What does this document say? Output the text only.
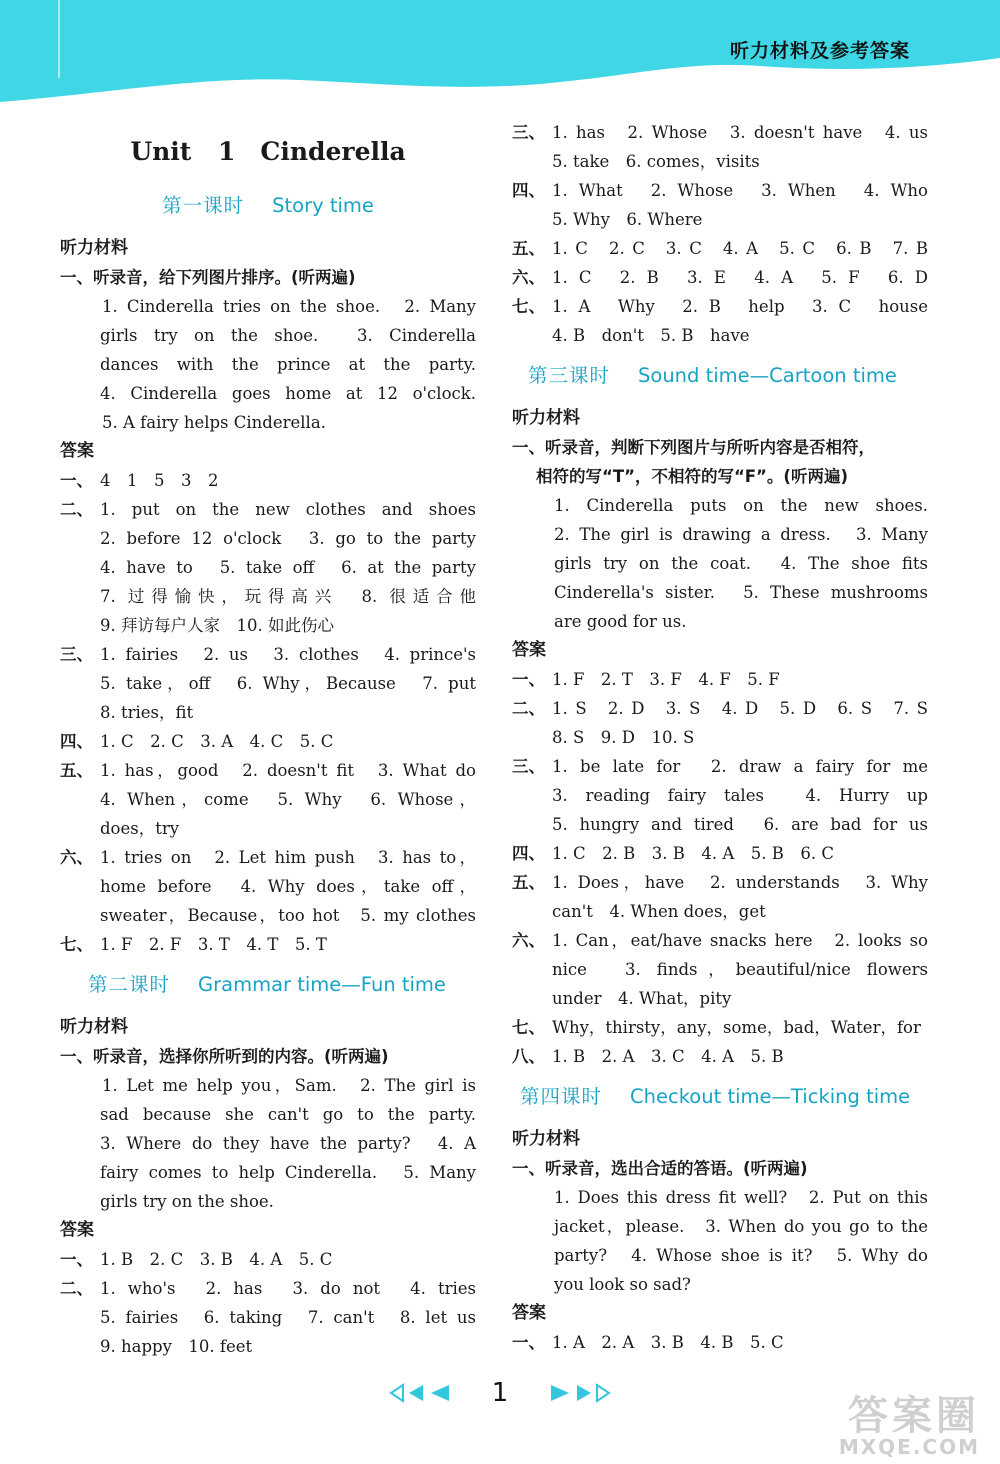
听力材料及参考答案
Unit 1　Cinderella
第一课时 Story time
听力材料
一、听录音，给下列图片排序。(听两遍)
1. Cinderella tries on the shoe.　2. Many
girls try on the shoe.　3. Cinderella
dances with the prince at the party.
4. Cinderella goes home at 12 o'clock.
5. A fairy helps Cinderella.
答案
一、 4　1　5　3　2
二、 1. put on the new clothes and shoes
2. before 12 o'clock　3. go to the party
4. have to　5. take off　6. at the party
7. 过得愉快，玩得高兴　8. 很适合他
9. 拜访每户人家　10. 如此伤心
三、 1. fairies　2. us　3. clothes　4. prince's
5. take，off　6. Why，Because　7. put
8. tries，fit
四、 1. C　2. C　3. A　4. C　5. C
五、 1. has，good　2. doesn't fit　3. What do
4. When，come　5. Why　6. Whose，
does，try
六、 1. tries on　2. Let him push　3. has to，
home before　4. Why does，take off，
sweater，Because，too hot　5. my clothes
七、 1. F　2. F　3. T　4. T　5. T
第二课时 Grammar time—Fun time
听力材料
一、听录音，选择你所听到的内容。(听两遍)
1. Let me help you，Sam.　2. The girl is
sad because she can't go to the party.
3. Where do they have the party?　4. A
fairy comes to help Cinderella.　5. Many
girls try on the shoe.
答案
一、 1. B　2. C　3. B　4. A　5. C
二、 1. who's　2. has　3. do not　4. tries
5. fairies　6. taking　7. can't　8. let us
9. happy　10. feet
三、 1. has　2. Whose　3. doesn't have　4. us
5. take　6. comes，visits
四、 1. What　2. Whose　3. When　4. Who
5. Why　6. Where
五、 1. C　2. C　3. C　4. A　5. C　6. B　7. B
六、 1. C　2. B　3. E　4. A　5. F　6. D
七、 1. A　Why　2. B　help　3. C　house
4. B　don't　5. B　have
第三课时 Sound time—Cartoon time
听力材料
一、听录音，判断下列图片与所听内容是否相符，
相符的写“T”，不相符的写“F”。(听两遍)
1. Cinderella puts on the new shoes.
2. The girl is drawing a dress.　3. Many
girls try on the coat.　4. The shoe fits
Cinderella's sister.　5. These mushrooms
are good for us.
答案
一、 1. F　2. T　3. F　4. F　5. F
二、 1. S　2. D　3. S　4. D　5. D　6. S　7. S
8. S　9. D　10. S
三、 1. be late for　2. draw a fairy for me
3. reading fairy tales　4. Hurry up
5. hungry and tired　6. are bad for us
四、 1. C　2. B　3. B　4. A　5. B　6. C
五、 1. Does，have　2. understands　3. Why
can't　4. When does，get
六、 1. Can，eat/have snacks here　2. looks so
nice　3. finds，beautiful/nice flowers
under　4. What，pity
七、 Why，thirsty，any，some，bad，Water，for
八、 1. B　2. A　3. C　4. A　5. B
第四课时 Checkout time—Ticking time
听力材料
一、听录音，选出合适的答语。(听两遍)
1. Does this dress fit well?　2. Put on this
jacket，please.　3. When do you go to the
party?　4. Whose shoe is it?　5. Why do
you look so sad?
答案
一、 1. A　2. A　3. B　4. B　5. C
1	答案圈
MXQE.COM
